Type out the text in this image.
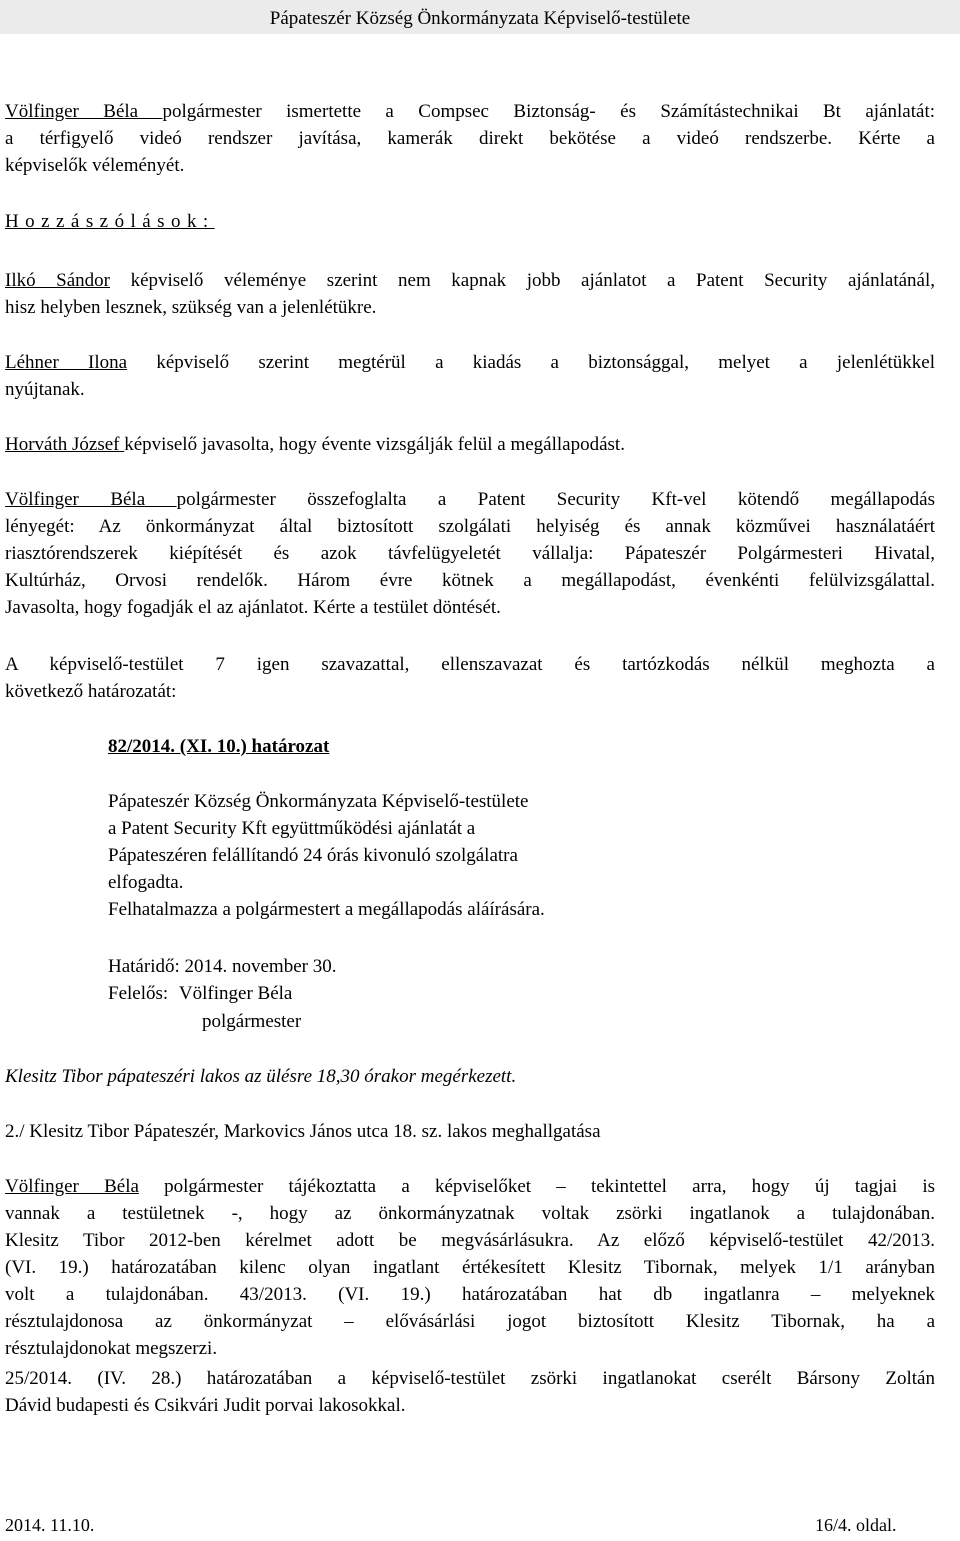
Pápateszér Község Önkormányzata Képviselő-testülete

Völfinger Béla polgármester ismertette a Compsec Biztonság- és Számítástechnikai Bt ajánlatát:

a térfigyelő videó rendszer javítása, kamerák direkt bekötése a videó rendszerbe. Kérte a

képviselők véleményét.

Hozzászólások:

Ilkó Sándor képviselő véleménye szerint nem kapnak jobb ajánlatot a Patent Security ajánlatánál,

hisz helyben lesznek, szükség van a jelenlétükre.

Léhner Ilona képviselő szerint megtérül a kiadás a biztonsággal, melyet a jelenlétükkel

nyújtanak.

Horváth József képviselő javasolta, hogy évente vizsgálják felül a megállapodást.

Völfinger Béla polgármester összefoglalta a Patent Security Kft-vel kötendő megállapodás

lényegét: Az önkormányzat által biztosított szolgálati helyiség és annak közművei használatáért

riasztórendszerek kiépítését és azok távfelügyeletét vállalja: Pápateszér Polgármesteri Hivatal,

Kultúrház, Orvosi rendelők. Három évre kötnek a megállapodást, évenkénti felülvizsgálattal.

Javasolta, hogy fogadják el az ajánlatot. Kérte a testület döntését.

A képviselő-testület 7 igen szavazattal, ellenszavazat és tartózkodás nélkül meghozta a

következő határozatát:

82/2014. (XI. 10.) határozat
Pápateszér Község Önkormányzata Képviselő-testülete
a Patent Security Kft együttműködési ajánlatát a
Pápateszéren felállítandó 24 órás kivonuló szolgálatra
elfogadta.
Felhatalmazza a polgármestert a megállapodás aláírására.
Határidő: 2014. november 30.
Felelős: Völfinger Béla
polgármester

Klesitz Tibor pápateszéri lakos az ülésre 18,30 órakor megérkezett.

2./ Klesitz Tibor Pápateszér, Markovics János utca 18. sz. lakos meghallgatása

Völfinger Béla polgármester tájékoztatta a képviselőket – tekintettel arra, hogy új tagjai is

vannak a testületnek -, hogy az önkormányzatnak voltak zsörki ingatlanok a tulajdonában.

Klesitz Tibor 2012-ben kérelmet adott be megvásárlásukra. Az előző képviselő-testület 42/2013.

(VI. 19.) határozatában kilenc olyan ingatlant értékesített Klesitz Tibornak, melyek 1/1 arányban

volt a tulajdonában. 43/2013. (VI. 19.) határozatában hat db ingatlanra – melyeknek

résztulajdonosa az önkormányzat – elővásárlási jogot biztosított Klesitz Tibornak, ha a

résztulajdonokat megszerzi.

25/2014. (IV. 28.) határozatában a képviselő-testület zsörki ingatlanokat cserélt Bársony Zoltán

Dávid budapesti és Csikvári Judit porvai lakosokkal.

2014. 11.10.	16/4. oldal.
